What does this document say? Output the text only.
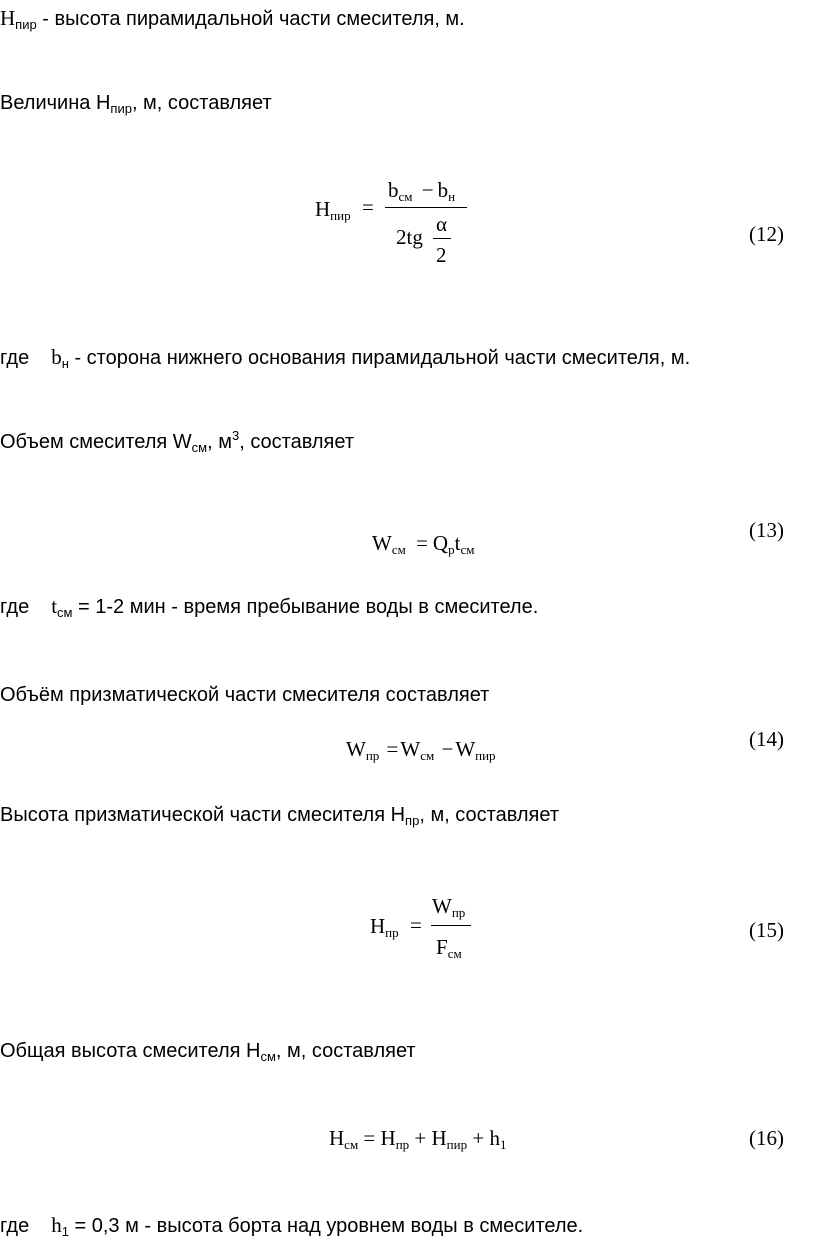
$H_{пир}$ - высота пирамидальной части смесителя, м.
Величина $H_{пир}$, м, составляет
$H_{пир}$ =
$b_{см} - b_н$
2tg
α
2
(12)
где $b_н$ - сторона нижнего основания пирамидальной части смесителя, м.
Объем смесителя $W_{см}$, $м^3$, составляет
$W_{см} = Q_рt_{см}$
(13)
где $t_{см} = 1-2$ мин - время пребывание воды в смесителе.
Объём призматической части смесителя составляет
$W_{пр} =W_{см} -W_{пир}$
(14)
Высота призматической части смесителя $H_{пр}$, м, составляет
$H_{пр}$ =
$W_{пр}$
$F_{см}$
(15)
Общая высота смесителя $H_{см}$, м, составляет
$H_{см} = H_{пр} + H_{пир} + h_1$	(16)
где $h_1 = 0,3$ м - высота борта над уровнем воды в смесителе.
